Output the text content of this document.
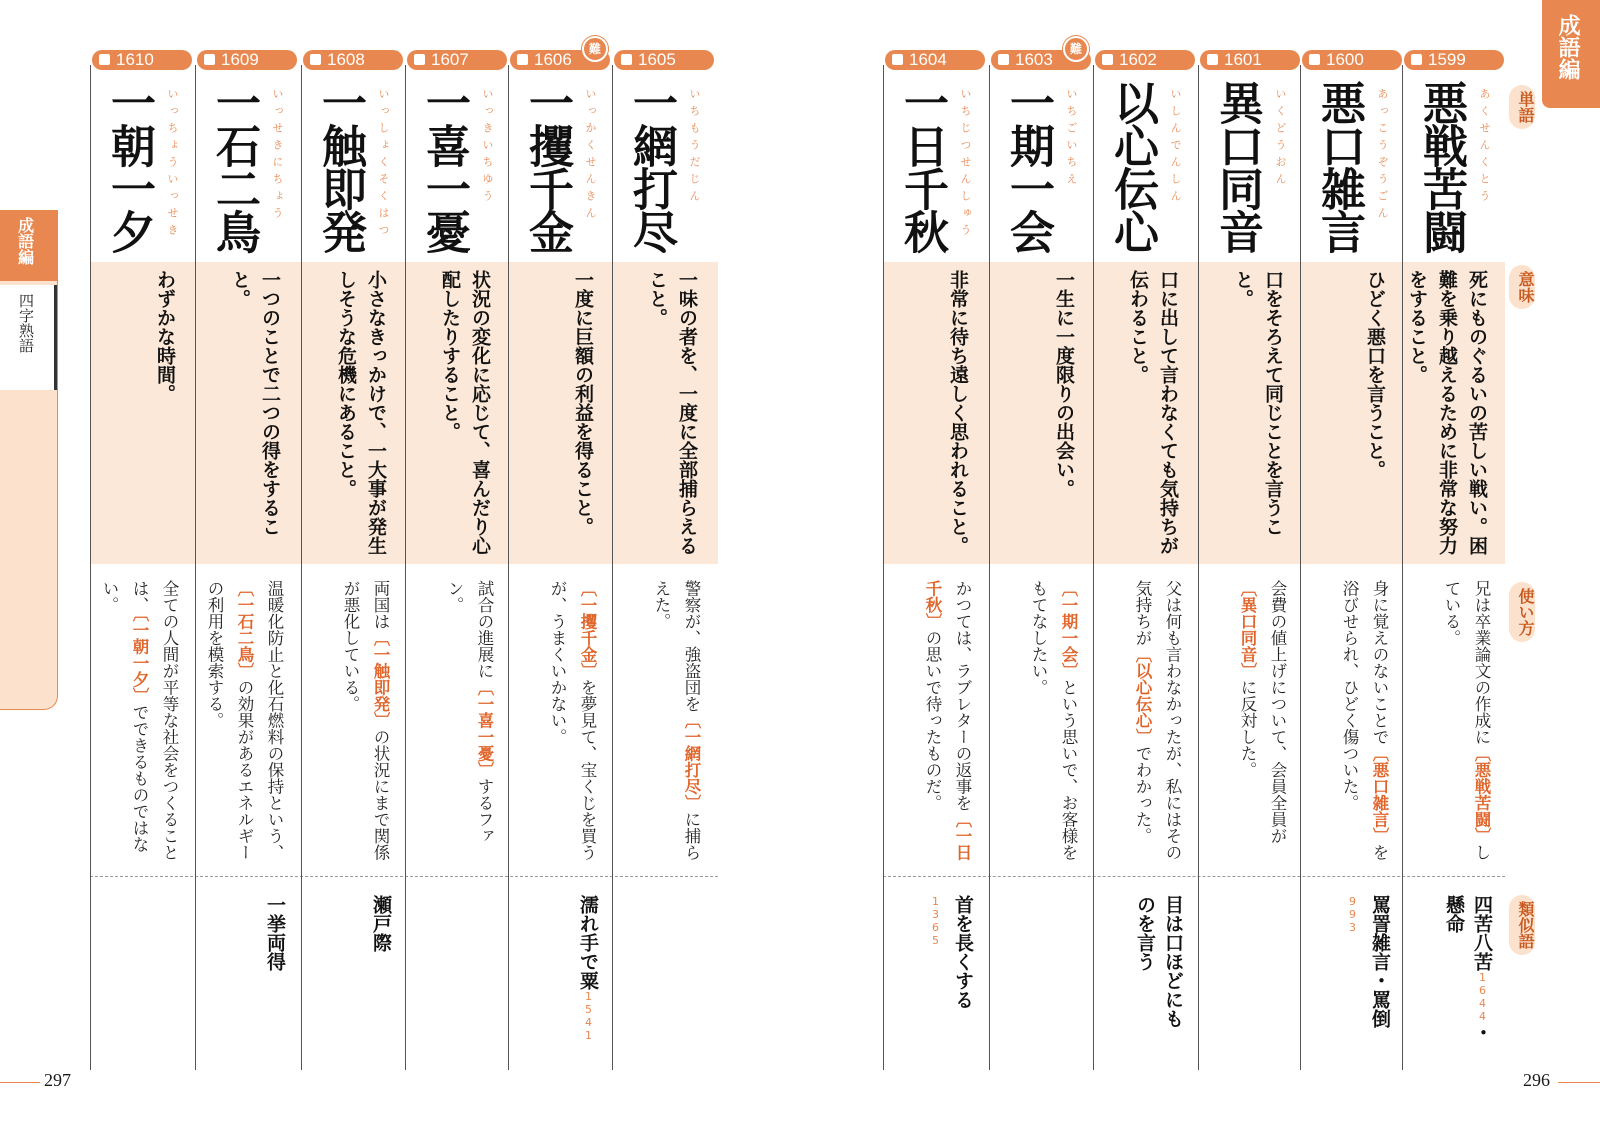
成語編
成語編
四字熟語
297	296
単語
意味
使い方
類似語
1599
悪戦苦闘 あくせんくとう
死にものぐるいの苦しい戦い。困難を乗り越えるために非常な努力をすること。
兄は卒業論文の作成に〔悪戦苦闘〕している。
四苦八苦1644・懸命
1600
悪口雑言 あっこうぞうごん
ひどく悪口を言うこと。
身に覚えのないことで〔悪口雑言〕を浴びせられ、ひどく傷ついた。
罵詈雑言・罵倒993
1601
異口同音 いくどうおん
口をそろえて同じことを言うこと。
会費の値上げについて、会員全員が〔異口同音〕に反対した。
1602
以心伝心 いしんでんしん
口に出して言わなくても気持ちが伝わること。
父は何も言わなかったが、私にはその気持ちが〔以心伝心〕でわかった。
目は口ほどにものを言う
1603
難
一期一会 いちごいちえ
一生に一度限りの出会い。
〔一期一会〕という思いで、お客様をもてなしたい。
1604
一日千秋 いちじつせんしゅう
非常に待ち遠しく思われること。
かつては、ラブレターの返事を〔一日千秋〕の思いで待ったものだ。
首を長くする1365
1605
一網打尽 いちもうだじん
一味の者を、一度に全部捕らえること。
警察が、強盗団を〔一網打尽〕に捕らえた。
1606
難
一攫千金 いっかくせんきん
一度に巨額の利益を得ること。
〔一攫千金〕を夢見て、宝くじを買うが、うまくいかない。
濡れ手で粟1541
1607
一喜一憂 いっきいちゆう
状況の変化に応じて、喜んだり心配したりすること。
試合の進展に〔一喜一憂〕するファン。
1608
一触即発 いっしょくそくはつ
小さなきっかけで、一大事が発生しそうな危機にあること。
両国は〔一触即発〕の状況にまで関係が悪化している。
瀬戸際
1609
一石二鳥 いっせきにちょう
一つのことで二つの得をすること。
温暖化防止と化石燃料の保持という、〔一石二鳥〕の効果があるエネルギーの利用を模索する。
一挙両得
1610
一朝一夕 いっちょういっせき
わずかな時間。
全ての人間が平等な社会をつくることは、〔一朝一夕〕でできるものではない。
